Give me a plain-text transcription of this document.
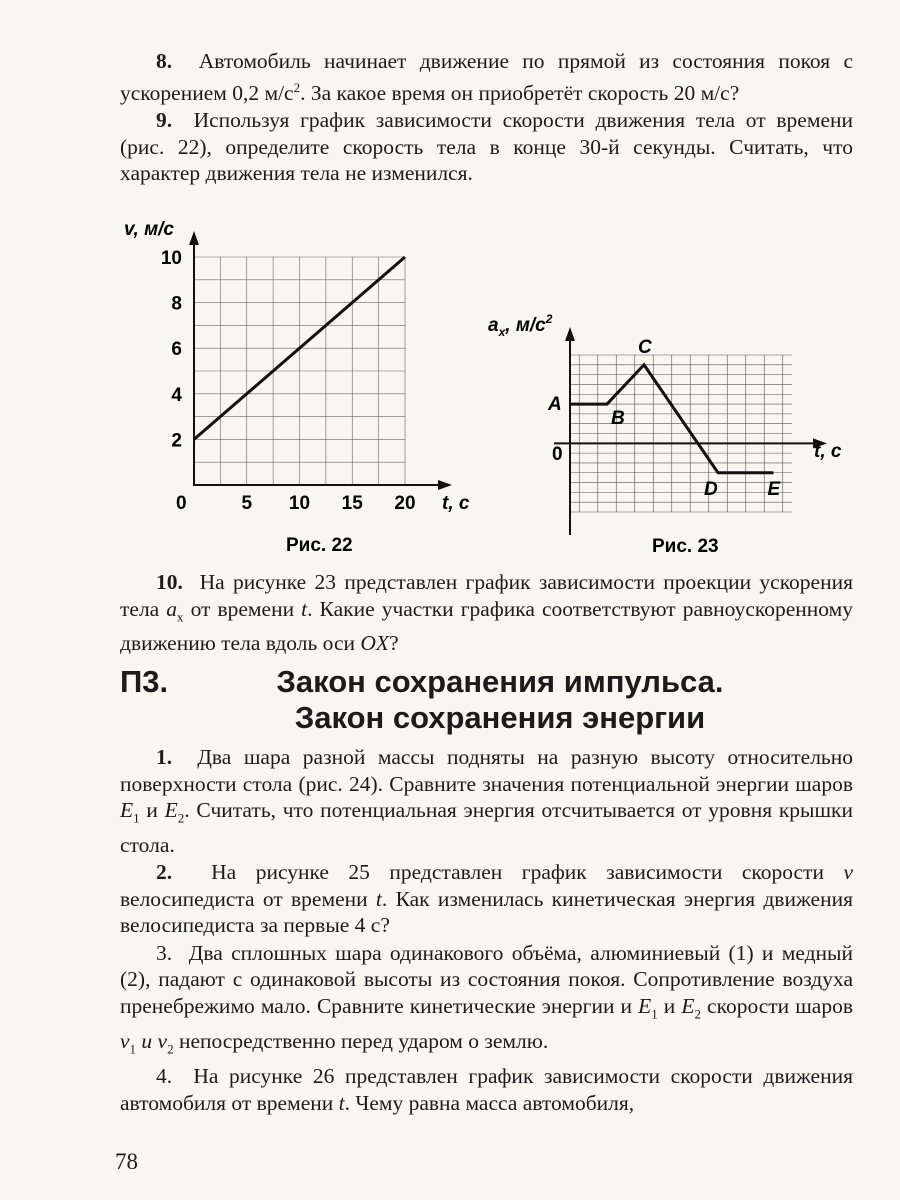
8. Автомобиль начинает движение по прямой из состояния покоя с ускорением 0,2 $м/с^2$. За какое время он приобретёт скорость 20 м/с?

9. Используя график зависимости скорости движения тела от времени (рис. 22), определите скорость тела в конце 30-й секунды. Считать, что характер движения тела не изменился.

v, м/с
t, с
0
Рис. 22
2
4
6
8
10
5 10 15 20
$a_x$, $м/с^2$
t, с
0
Рис. 23
A
B
C
D	E

10. На рисунке 23 представлен график зависимости проекции ускорения тела $a_x$ от времени t. Какие участки графика соответствуют равноускоренному движению тела вдоль оси OX?

П3.	Закон сохранения импульса.
Закон сохранения энергии

1. Два шара разной массы подняты на разную высоту относительно поверхности стола (рис. 24). Сравните значения потенциальной энергии шаров $E_1$ и $E_2$. Считать, что потенциальная энергия отсчитывается от уровня крышки стола.

2. На рисунке 25 представлен график зависимости скорости v велосипедиста от времени t. Как изменилась кинетическая энергия движения велосипедиста за первые 4 с?

3. Два сплошных шара одинакового объёма, алюминиевый (1) и медный (2), падают с одинаковой высоты из состояния покоя. Сопротивление воздуха пренебрежимо мало. Сравните кинетические энергии и $E_1$ и $E_2$ скорости шаров $v_1$ и $v_2$ непосредственно перед ударом о землю.

4. На рисунке 26 представлен график зависимости скорости движения автомобиля от времени t. Чему равна масса автомобиля,

78
